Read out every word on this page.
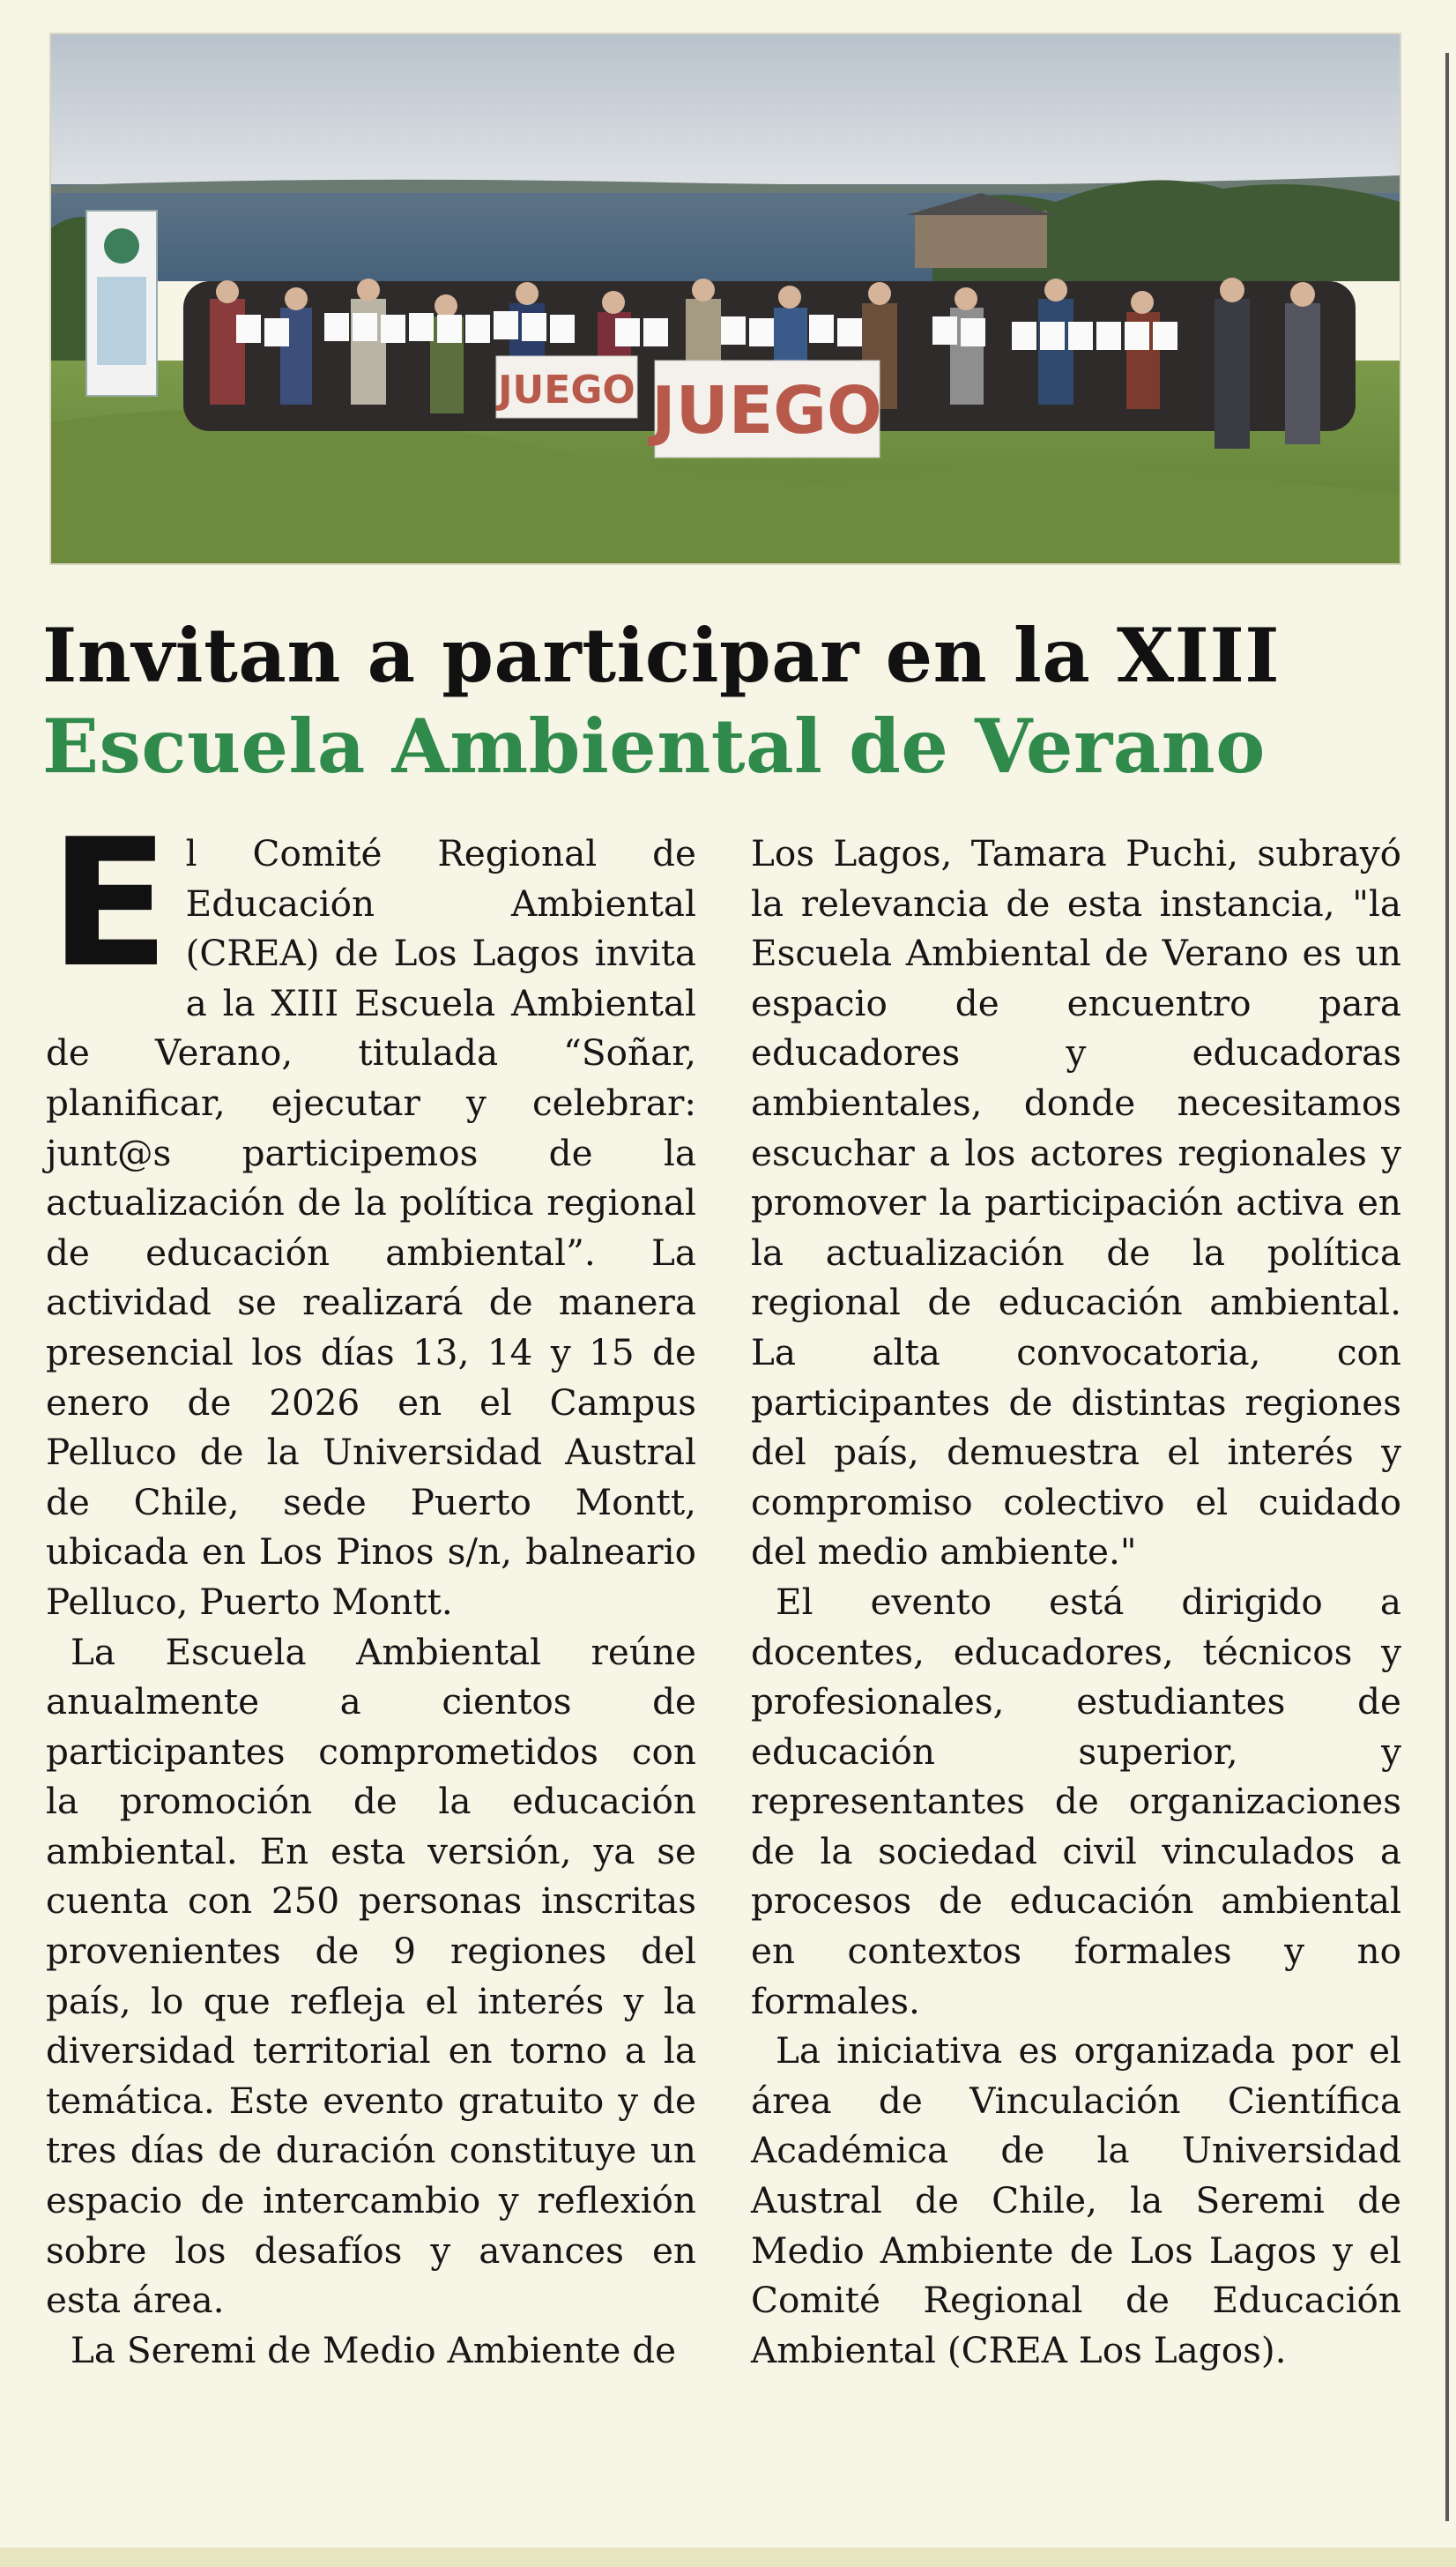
JUEGO JUEGO
Invitan a participar en la XIII
Escuela Ambiental de Verano
E l Comité Regional de Educación Ambiental (CREA) de Los Lagos invita a la XIII Escuela Ambiental de Verano, titulada “Soñar, planificar, ejecutar y celebrar: junt@s participemos de la actualización de la política regional de educación ambiental”. La actividad se realizará de manera presencial los días 13, 14 y 15 de enero de 2026 en el Campus Pelluco de la Universidad Austral de Chile, sede Puerto Montt, ubicada en Los Pinos s/n, balneario Pelluco, Puerto Montt.

La Escuela Ambiental reúne anualmente a cientos de participantes comprometidos con la promoción de la educación ambiental. En esta versión, ya se cuenta con 250 personas inscritas provenientes de 9 regiones del país, lo que refleja el interés y la diversidad territorial en torno a la temática. Este evento gratuito y de tres días de duración constituye un espacio de intercambio y reflexión sobre los desafíos y avances en esta área.

La Seremi de Medio Ambiente de

Los Lagos, Tamara Puchi, subrayó la relevancia de esta instancia, "la Escuela Ambiental de Verano es un espacio de encuentro para educadores y educadoras ambientales, donde necesitamos escuchar a los actores regionales y promover la participación activa en la actualización de la política regional de educación ambiental. La alta convocatoria, con participantes de distintas regiones del país, demuestra el interés y compromiso colectivo el cuidado del medio ambiente."

El evento está dirigido a docentes, educadores, técnicos y profesionales, estudiantes de educación superior, y representantes de organizaciones de la sociedad civil vinculados a procesos de educación ambiental en contextos formales y no formales.

La iniciativa es organizada por el área de Vinculación Científica Académica de la Universidad Austral de Chile, la Seremi de Medio Ambiente de Los Lagos y el Comité Regional de Educación Ambiental (CREA Los Lagos).
